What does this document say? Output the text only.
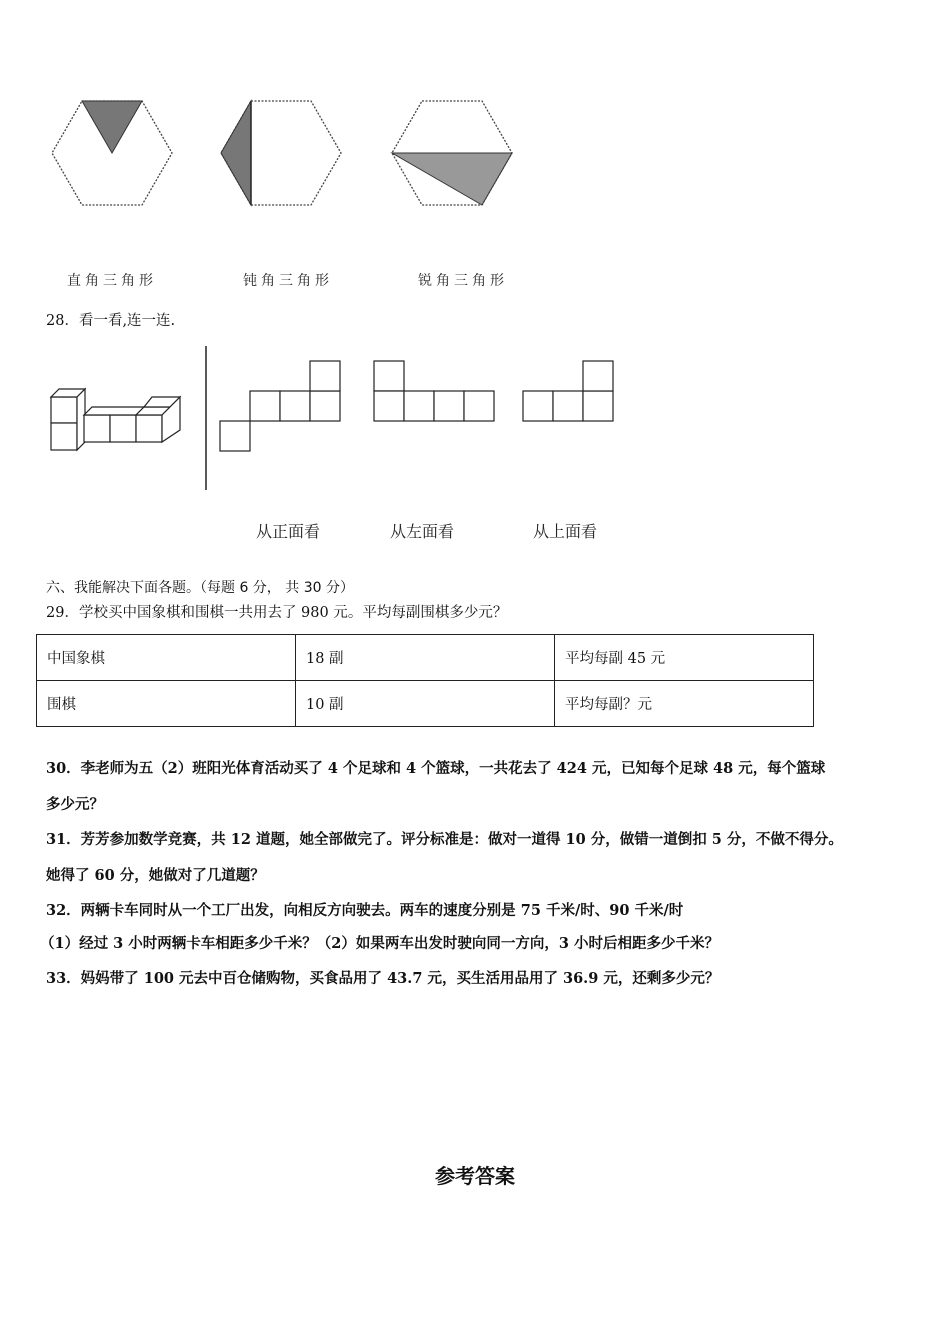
直角三角形	钝角三角形	锐角三角形
28．看一看,连一连.
从正面看	从左面看	从上面看
六、我能解决下面各题。（每题 6 分， 共 30 分）
29．学校买中国象棋和围棋一共用去了 980 元。平均每副围棋多少元？
中国象棋	18 副	平均每副 45 元
围棋	10 副	平均每副？元
30．李老师为五（2）班阳光体育活动买了 4 个足球和 4 个篮球，一共花去了 424 元，已知每个足球 48 元，每个篮球
多少元？
31．芳芳参加数学竞赛，共 12 道题，她全部做完了。评分标准是：做对一道得 10 分，做错一道倒扣 5 分，不做不得分。
她得了 60 分，她做对了几道题？
32．两辆卡车同时从一个工厂出发，向相反方向驶去。两车的速度分别是 75 千米/时、90 千米/时
（1）经过 3 小时两辆卡车相距多少千米？（2）如果两车出发时驶向同一方向，3 小时后相距多少千米？
33．妈妈带了 100 元去中百仓储购物，买食品用了 43.7 元，买生活用品用了 36.9 元，还剩多少元？
参考答案
